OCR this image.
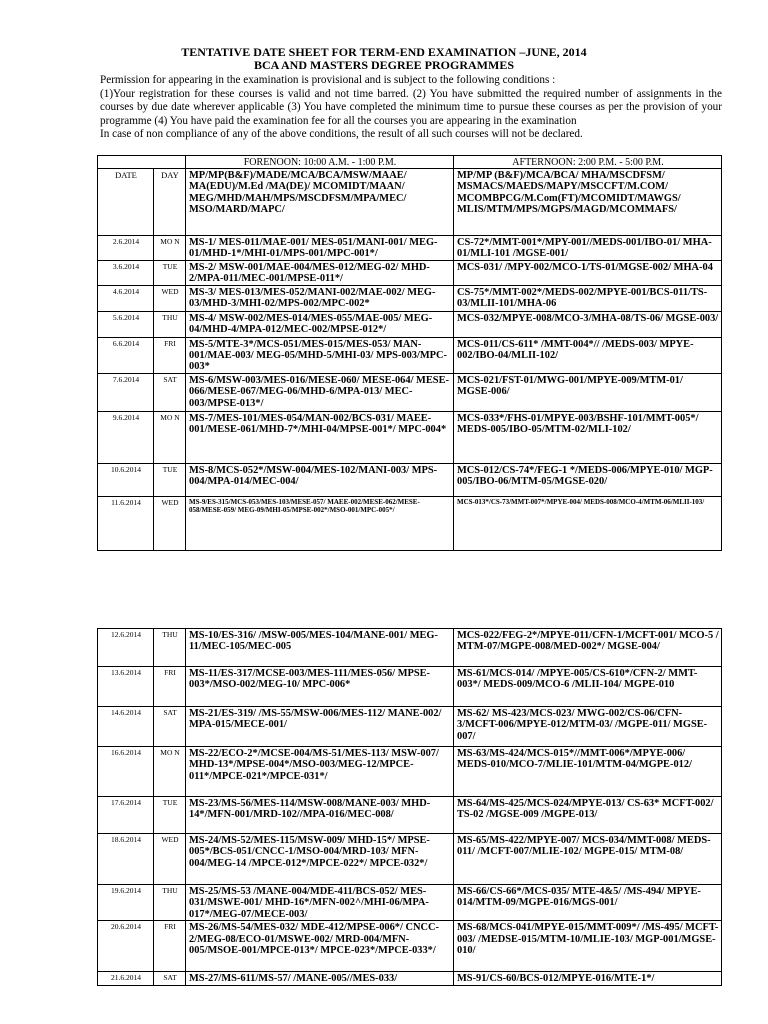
TENTATIVE DATE SHEET FOR TERM-END EXAMINATION –JUNE, 2014
BCA AND MASTERS DEGREE PROGRAMMES

Permission for appearing in the examination is provisional and is subject to the following conditions :

(1)Your registration for these courses is valid and not time barred. (2) You have submitted the required number of assignments in the courses by due date wherever applicable (3) You have completed the minimum time to pursue these courses as per the provision of your programme (4) You have paid the examination fee for all the courses you are appearing in the examination

In case of non compliance of any of the above conditions, the result of all such courses will not be declared.

		FORENOON: 10:00 A.M. - 1:00 P.M.	AFTERNOON: 2:00 P.M. - 5:00 P.M.
DATE	DAY	MP/MP(B&F)/MADE/MCA/BCA/MSW/MAAE/ MA(EDU)/M.Ed /MA(DE)/ MCOMIDT/MAAN/ MEG/MHD/MAH/MPS/MSCDFSM/MPA/MEC/ MSO/MARD/MAPC/	MP/MP (B&F)/MCA/BCA/ MHA/MSCDFSM/ MSMACS/MAEDS/MAPY/MSCCFT/M.COM/ MCOMBPCG/M.Com(FT)/MCOMIDT/MAWGS/ MLIS/MTM/MPS/MGPS/MAGD/MCOMMAFS/
2.6.2014	MO N	MS-1/ MES-011/MAE-001/ MES-051/MANI-001/ MEG-01/MHD-1*/MHI-01/MPS-001/MPC-001*/	CS-72*/MMT-001*/MPY-001//MEDS-001/IBO-01/ MHA-01/MLI-101 /MGSE-001/
3.6.2014	TUE	MS-2/ MSW-001/MAE-004/MES-012/MEG-02/ MHD-2/MPA-011/MEC-001/MPSE-011*/	MCS-031/ /MPY-002/MCO-1/TS-01/MGSE-002/ MHA-04
4.6.2014	WED	MS-3/ MES-013/MES-052/MANI-002/MAE-002/ MEG-03/MHD-3/MHI-02/MPS-002/MPC-002*	CS-75*/MMT-002*/MEDS-002/MPYE-001/BCS-011/TS-03/MLII-101/MHA-06
5.6.2014	THU	MS-4/ MSW-002/MES-014/MES-055/MAE-005/ MEG-04/MHD-4/MPA-012/MEC-002/MPSE-012*/	MCS-032/MPYE-008/MCO-3/MHA-08/TS-06/ MGSE-003/
6.6.2014	FRI	MS-5/MTE-3*/MCS-051/MES-015/MES-053/ MAN-001/MAE-003/ MEG-05/MHD-5/MHI-03/ MPS-003/MPC-003*	MCS-011/CS-611* /MMT-004*// /MEDS-003/ MPYE-002/IBO-04/MLII-102/
7.6.2014	SAT	MS-6/MSW-003/MES-016/MESE-060/ MESE-064/ MESE-066/MESE-067/MEG-06/MHD-6/MPA-013/ MEC-003/MPSE-013*/	MCS-021/FST-01/MWG-001/MPYE-009/MTM-01/ MGSE-006/
9.6.2014	MO N	MS-7/MES-101/MES-054/MAN-002/BCS-031/ MAEE-001/MESE-061/MHD-7*/MHI-04/MPSE-001*/ MPC-004*	MCS-033*/FHS-01/MPYE-003/BSHF-101/MMT-005*/ MEDS-005/IBO-05/MTM-02/MLI-102/
10.6.2014	TUE	MS-8/MCS-052*/MSW-004/MES-102/MANI-003/ MPS-004/MPA-014/MEC-004/	MCS-012/CS-74*/FEG-1 */MEDS-006/MPYE-010/ MGP-005/IBO-06/MTM-05/MGSE-020/
11.6.2014	WED	MS-9/ES-315/MCS-053/MES-103/MESE-057/ MAEE-002/MESE-062/MESE-058/MESE-059/ MEG-09/MHI-05/MPSE-002*/MSO-001/MPC-005*/	MCS-013*/CS-73/MMT-007*/MPYE-004/ MEDS-008/MCO-4/MTM-06/MLII-103/
12.6.2014	THU	MS-10/ES-316/ /MSW-005/MES-104/MANE-001/ MEG-11/MEC-105/MEC-005	MCS-022/FEG-2*/MPYE-011/CFN-1/MCFT-001/ MCO-5 / MTM-07/MGPE-008/MED-002*/ MGSE-004/
13.6.2014	FRI	MS-11/ES-317/MCSE-003/MES-111/MES-056/ MPSE-003*/MSO-002/MEG-10/ MPC-006*	MS-61/MCS-014/ /MPYE-005/CS-610*/CFN-2/ MMT-003*/ MEDS-009/MCO-6 /MLII-104/ MGPE-010
14.6.2014	SAT	MS-21/ES-319/ /MS-55/MSW-006/MES-112/ MANE-002/ MPA-015/MECE-001/	MS-62/ MS-423/MCS-023/ MWG-002/CS-06/CFN-3/MCFT-006/MPYE-012/MTM-03/ /MGPE-011/ MGSE-007/
16.6.2014	MO N	MS-22/ECO-2*/MCSE-004/MS-51/MES-113/ MSW-007/ MHD-13*/MPSE-004*/MSO-003/MEG-12/MPCE-011*/MPCE-021*/MPCE-031*/	MS-63/MS-424/MCS-015*//MMT-006*/MPYE-006/ MEDS-010/MCO-7/MLIE-101/MTM-04/MGPE-012/
17.6.2014	TUE	MS-23/MS-56/MES-114/MSW-008/MANE-003/ MHD-14*/MFN-001/MRD-102//MPA-016/MEC-008/	MS-64/MS-425/MCS-024/MPYE-013/ CS-63* MCFT-002/ TS-02 /MGSE-009 /MGPE-013/
18.6.2014	WED	MS-24/MS-52/MES-115/MSW-009/ MHD-15*/ MPSE-005*/BCS-051/CNCC-1/MSO-004/MRD-103/ MFN-004/MEG-14 /MPCE-012*/MPCE-022*/ MPCE-032*/	MS-65/MS-422/MPYE-007/ MCS-034/MMT-008/ MEDS-011/ /MCFT-007/MLIE-102/ MGPE-015/ MTM-08/
19.6.2014	THU	MS-25/MS-53 /MANE-004/MDE-411/BCS-052/ MES-031/MSWE-001/ MHD-16*/MFN-002^/MHI-06/MPA-017*/MEG-07/MECE-003/	MS-66/CS-66*/MCS-035/ MTE-4&5/ /MS-494/ MPYE-014/MTM-09/MGPE-016/MGS-001/
20.6.2014	FRI	MS-26/MS-54/MES-032/ MDE-412/MPSE-006*/ CNCC-2/MEG-08/ECO-01/MSWE-002/ MRD-004/MFN-005/MSOE-001/MPCE-013*/ MPCE-023*/MPCE-033*/	MS-68/MCS-041/MPYE-015/MMT-009*/ /MS-495/ MCFT-003/ /MEDSE-015/MTM-10/MLIE-103/ MGP-001/MGSE-010/
21.6.2014	SAT	MS-27/MS-611/MS-57/ /MANE-005//MES-033/	MS-91/CS-60/BCS-012/MPYE-016/MTE-1*/
